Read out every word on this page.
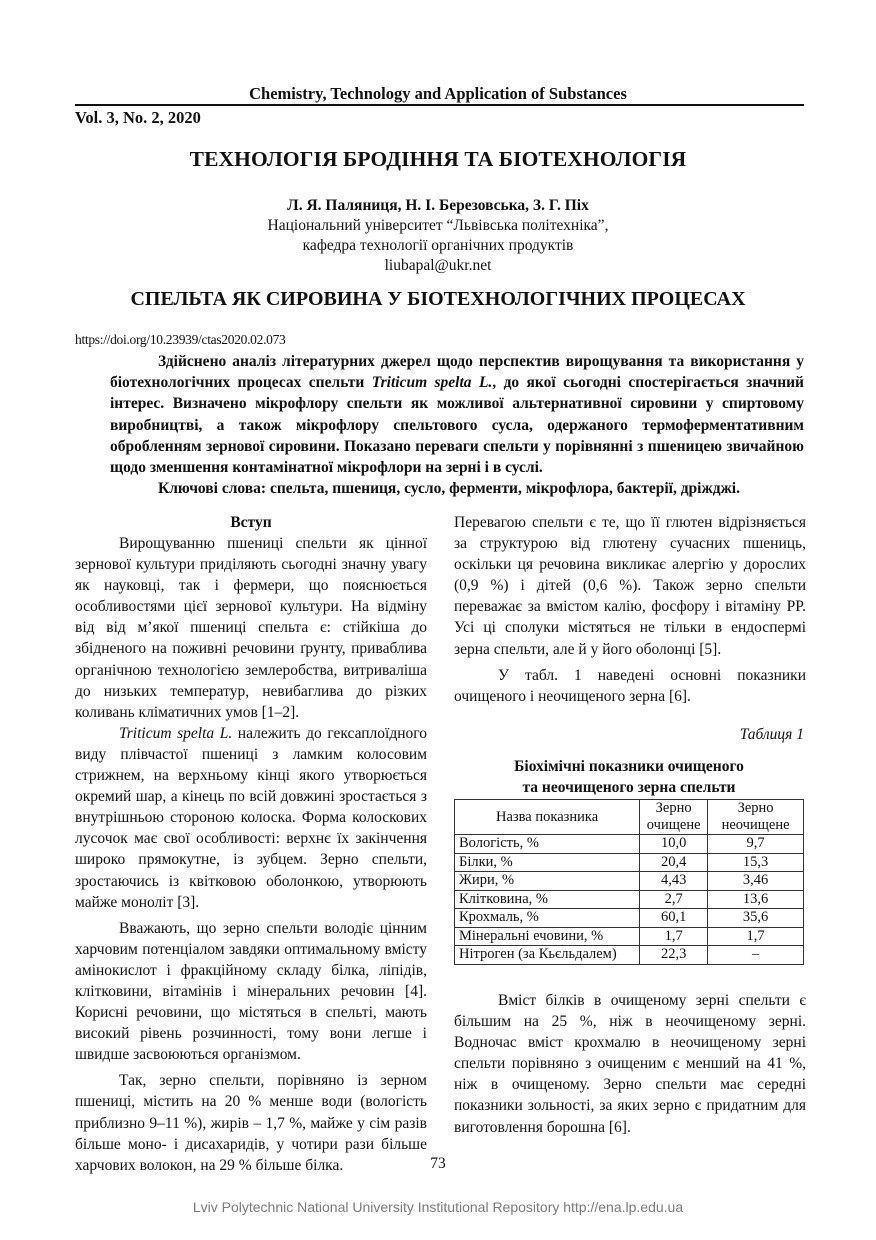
Chemistry, Technology and Application of Substances
Vol. 3, No. 2, 2020
ТЕХНОЛОГІЯ БРОДІННЯ ТА БІОТЕХНОЛОГІЯ
Л. Я. Паляниця, Н. І. Березовська, З. Г. Піх
Національний університет “Львівська політехніка”,
кафедра технології органічних продуктів
liubapal@ukr.net
СПЕЛЬТА ЯК СИРОВИНА У БІОТЕХНОЛОГІЧНИХ ПРОЦЕСАХ
https://doi.org/10.23939/ctas2020.02.073

Здійснено аналіз літературних джерел щодо перспектив вирощування та використання у біотехнологічних процесах спельти Triticum spelta L., до якої сьогодні спостерігається значний інтерес. Визначено мікрофлору спельти як можливої альтернативної сировини у спиртовому виробництві, а також мікрофлору спельтового сусла, одержаного термоферментативним обробленням зернової сировини. Показано переваги спельти у порівнянні з пшеницею звичайною щодо зменшення контамінатної мікрофлори на зерні і в суслі.

Ключові слова: спельта, пшениця, сусло, ферменти, мікрофлора, бактерії, дріжджі.

Вступ

Вирощуванню пшениці спельти як цінної зернової культури приділяють сьогодні значну увагу як науковці, так і фермери, що пояснюється особливостями цієї зернової культури. На відміну від від м’якої пшениці спельта є: стійкіша до збідненого на поживні речовини ґрунту, приваблива органічною технологією землеробства, витриваліша до низьких температур, невибаглива до різких коливань кліматичних умов [1–2].

Triticum spelta L. належить до гексаплоїдного виду плівчастої пшениці з ламким колосовим стрижнем, на верхньому кінці якого утворюється окремий шар, а кінець по всій довжині зростається з внутрішньою стороною колоска. Форма колоскових лусочок має свої особливості: верхнє їх закінчення широко прямокутне, із зубцем. Зерно спельти, зростаючись із квітковою оболонкою, утворюють майже моноліт [3].

Вважають, що зерно спельти володіє цінним харчовим потенціалом завдяки оптимальному вмісту амінокислот і фракційному складу білка, ліпідів, клітковини, вітамінів і мінеральних речовин [4]. Корисні речовини, що містяться в спельті, мають високий рівень розчинності, тому вони легше і швидше засвоюються організмом.

Так, зерно спельти, порівняно із зерном пшениці, містить на 20 % менше води (вологість приблизно 9–11 %), жирів – 1,7 %, майже у сім разів більше моно- і дисахаридів, у чотири рази більше харчових волокон, на 29 % більше білка.

Перевагою спельти є те, що її глютен відрізняється за структурою від глютену сучасних пшениць, оскільки ця речовина викликає алергію у дорослих (0,9 %) і дітей (0,6 %). Також зерно спельти переважає за вмістом калію, фосфору і вітаміну PP. Усі ці сполуки містяться не тільки в ендоспермі зерна спельти, але й у його оболонці [5].

У табл. 1 наведені основні показники очищеного і неочищеного зерна [6].

Таблиця 1
Біохімічні показники очищеного
та неочищеного зерна спельти
Назва показника	Зерно очищене	Зерно неочищене
Вологість, %	10,0	9,7
Білки, %	20,4	15,3
Жири, %	4,43	3,46
Клітковина, %	2,7	13,6
Крохмаль, %	60,1	35,6
Мінеральні ечовини, %	1,7	1,7
Нітроген (за Кьєльдалем)	22,3	–

Вміст білків в очищеному зерні спельти є більшим на 25 %, ніж в неочищеному зерні. Водночас вміст крохмалю в неочищеному зерні спельти порівняно з очищеним є менший на 41 %, ніж в очищеному. Зерно спельти має середні показники зольності, за яких зерно є придатним для виготовлення борошна [6].

73
Lviv Polytechnic National University Institutional Repository http://ena.lp.edu.ua
